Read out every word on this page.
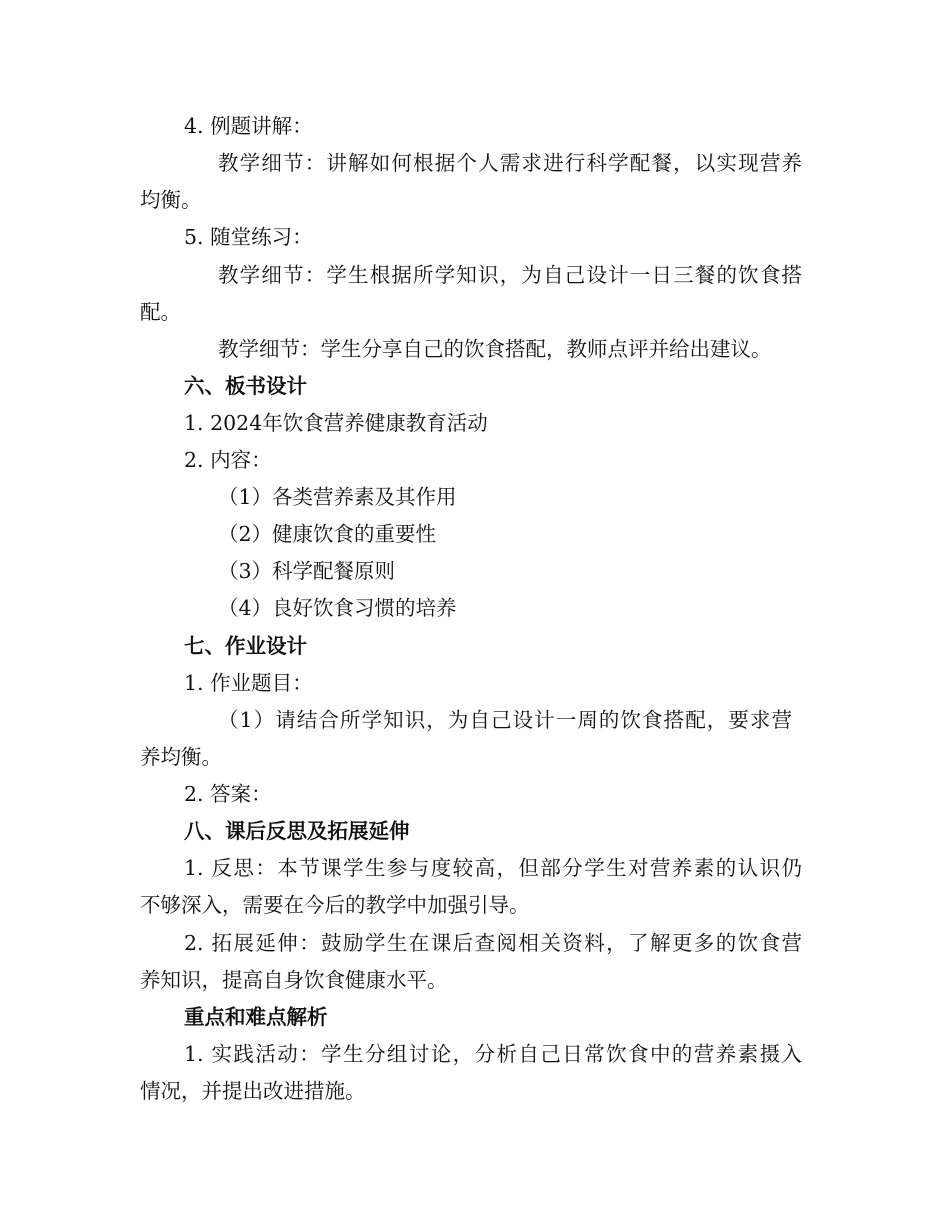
4. 例题讲解：
教学细节：讲解如何根据个人需求进行科学配餐，以实现营养
均衡。
5. 随堂练习：
教学细节：学生根据所学知识，为自己设计一日三餐的饮食搭
配。
教学细节：学生分享自己的饮食搭配，教师点评并给出建议。
六、板书设计
1. 2024年饮食营养健康教育活动
2. 内容：
（1）各类营养素及其作用
（2）健康饮食的重要性
（3）科学配餐原则
（4）良好饮食习惯的培养
七、作业设计
1. 作业题目：
（1）请结合所学知识，为自己设计一周的饮食搭配，要求营
养均衡。
2. 答案：
八、课后反思及拓展延伸
1. 反思：本节课学生参与度较高，但部分学生对营养素的认识仍
不够深入，需要在今后的教学中加强引导。
2. 拓展延伸：鼓励学生在课后查阅相关资料，了解更多的饮食营
养知识，提高自身饮食健康水平。
重点和难点解析
1. 实践活动：学生分组讨论，分析自己日常饮食中的营养素摄入
情况，并提出改进措施。
